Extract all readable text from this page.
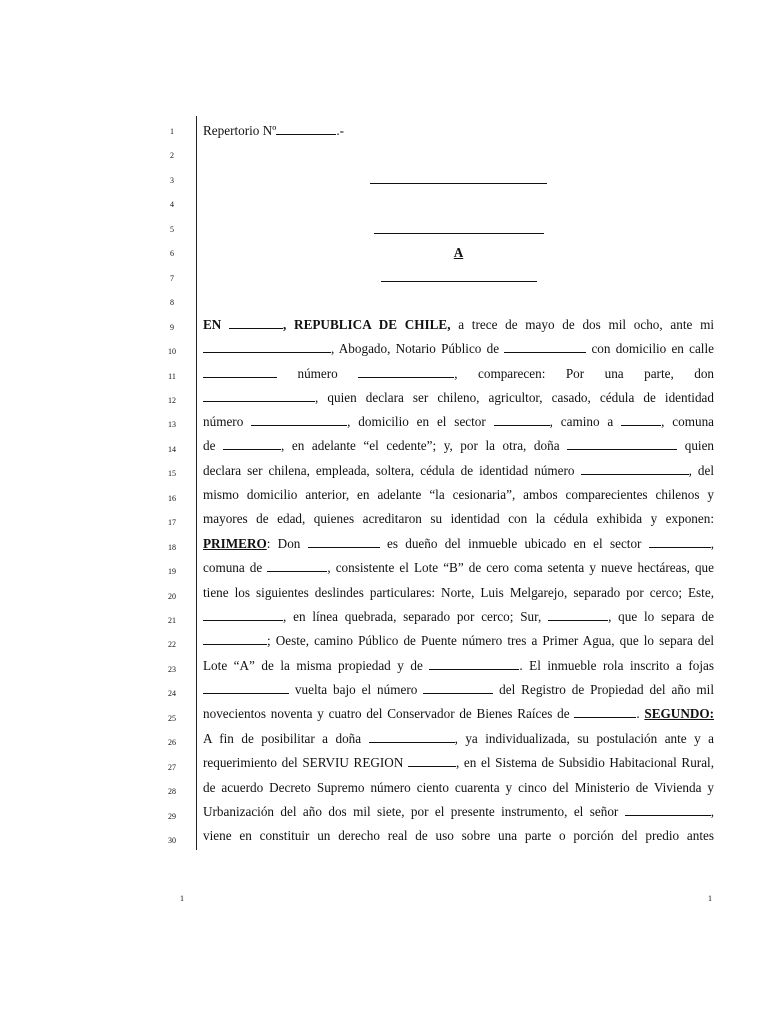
1
2
3
4
5
6
7
8
9
10
11
12
13
14
15
16
17
18
19
20
21
22
23
24
25
26
27
28
29
30
Repertorio Nº	.-
A
EN	, REPUBLICA DE CHILE, a trece de mayo de dos mil ocho, ante mi
, Abogado, Notario Público de	con domicilio en calle
número	, comparecen: Por una parte, don
, quien declara ser chileno, agricultor, casado, cédula de identidad
número	, domicilio en el sector	, camino a	, comuna
de	, en adelante “el cedente”; y, por la otra, doña	quien
declara ser chilena, empleada, soltera, cédula de identidad número	, del
mismo domicilio anterior, en adelante “la cesionaria”, ambos comparecientes chilenos y
mayores de edad, quienes acreditaron su identidad con la cédula exhibida y exponen:
PRIMERO: Don	es dueño del inmueble ubicado en el sector	,
comuna de	, consistente el Lote “B” de cero coma setenta y nueve hectáreas, que
tiene los siguientes deslindes particulares: Norte, Luis Melgarejo, separado por cerco; Este,
, en línea quebrada, separado por cerco; Sur,	, que lo separa de
; Oeste, camino Público de Puente número tres a Primer Agua, que lo separa del
Lote “A” de la misma propiedad y de	. El inmueble rola inscrito a fojas
vuelta bajo el número	del Registro de Propiedad del año mil
novecientos noventa y cuatro del Conservador de Bienes Raíces de	. SEGUNDO:
A fin de posibilitar a doña	, ya individualizada, su postulación ante y a
requerimiento del SERVIU REGION	, en el Sistema de Subsidio Habitacional Rural,
de acuerdo Decreto Supremo número ciento cuarenta y cinco del Ministerio de Vivienda y
Urbanización del año dos mil siete, por el presente instrumento, el señor	,
viene en constituir un derecho real de uso sobre una parte o porción del predio antes
1	1
